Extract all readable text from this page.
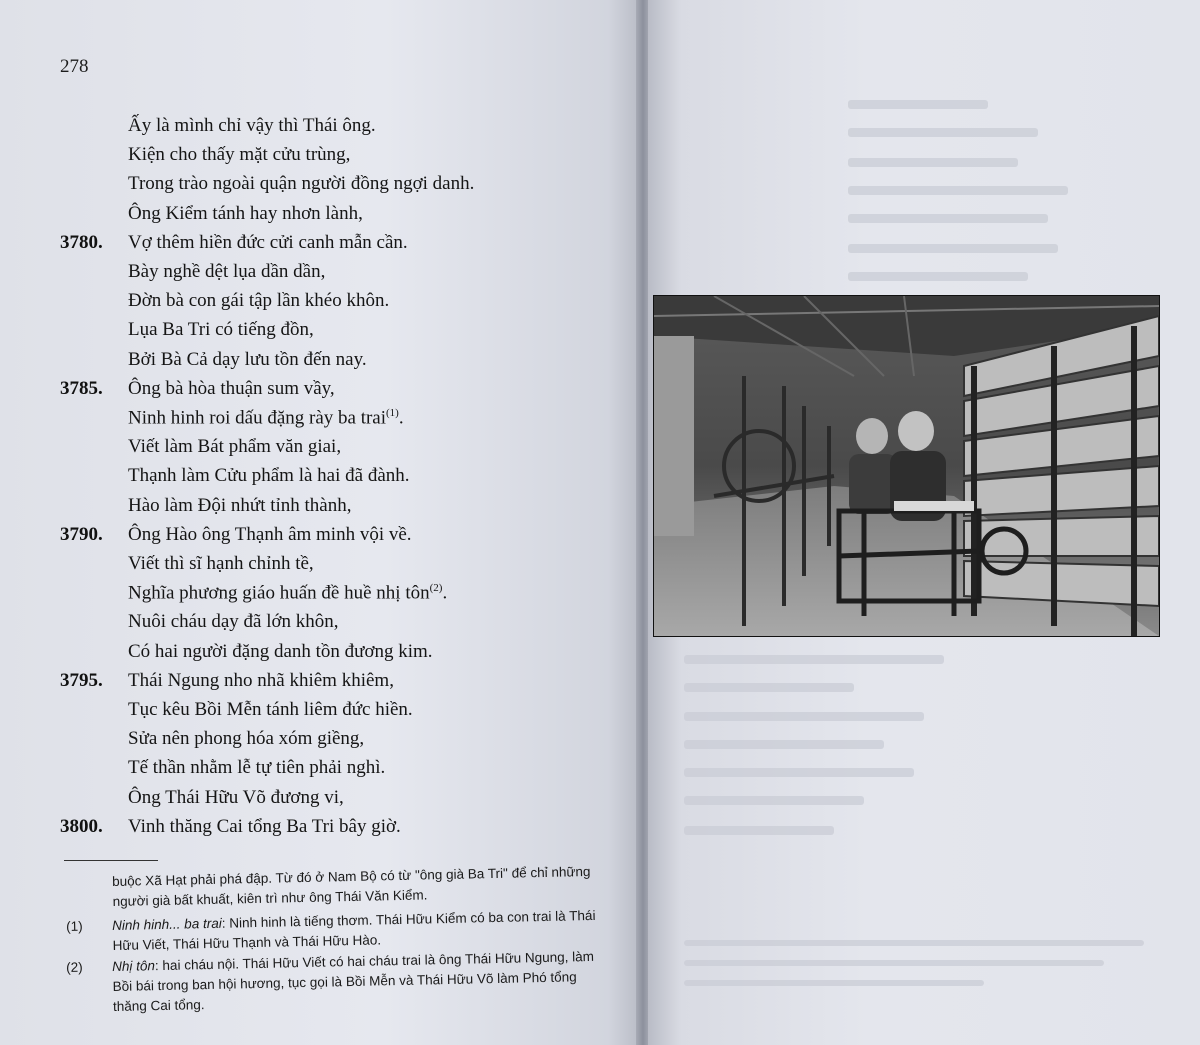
278
Ấy là mình chỉ vậy thì Thái ông.
Kiện cho thấy mặt cửu trùng,
Trong trào ngoài quận người đồng ngợi danh.
Ông Kiểm tánh hay nhơn lành,
3780. Vợ thêm hiền đức cửi canh mẫn cần.
Bày nghề dệt lụa dần dần,
Đờn bà con gái tập lần khéo khôn.
Lụa Ba Tri có tiếng đồn,
Bởi Bà Cả dạy lưu tồn đến nay.
3785. Ông bà hòa thuận sum vầy,
Ninh hinh roi dấu đặng rày ba trai$^{(1)}$.
Viết làm Bát phẩm văn giai,
Thạnh làm Cửu phẩm là hai đã đành.
Hào làm Đội nhứt tỉnh thành,
3790. Ông Hào ông Thạnh âm minh vội về.
Viết thì sĩ hạnh chỉnh tề,
Nghĩa phương giáo huấn đề huề nhị tôn$^{(2)}$.
Nuôi cháu dạy đã lớn khôn,
Có hai người đặng danh tồn đương kim.
3795. Thái Ngung nho nhã khiêm khiêm,
Tục kêu Bồi Mễn tánh liêm đức hiền.
Sửa nên phong hóa xóm giềng,
Tế thần nhằm lễ tự tiên phải nghì.
Ông Thái Hữu Võ đương vi,
3800. Vinh thăng Cai tổng Ba Tri bây giờ.
buộc Xã Hạt phải phá đập. Từ đó ở Nam Bộ có từ "ông già Ba Tri" để chỉ những người già bất khuất, kiên trì như ông Thái Văn Kiểm.
(1) Ninh hinh... ba trai: Ninh hinh là tiếng thơm. Thái Hữu Kiểm có ba con trai là Thái Hữu Viết, Thái Hữu Thạnh và Thái Hữu Hào.
(2) Nhị tôn: hai cháu nội. Thái Hữu Viết có hai cháu trai là ông Thái Hữu Ngung, làm Bồi bái trong ban hội hương, tục gọi là Bồi Mễn và Thái Hữu Võ làm Phó tổng thăng Cai tổng.
